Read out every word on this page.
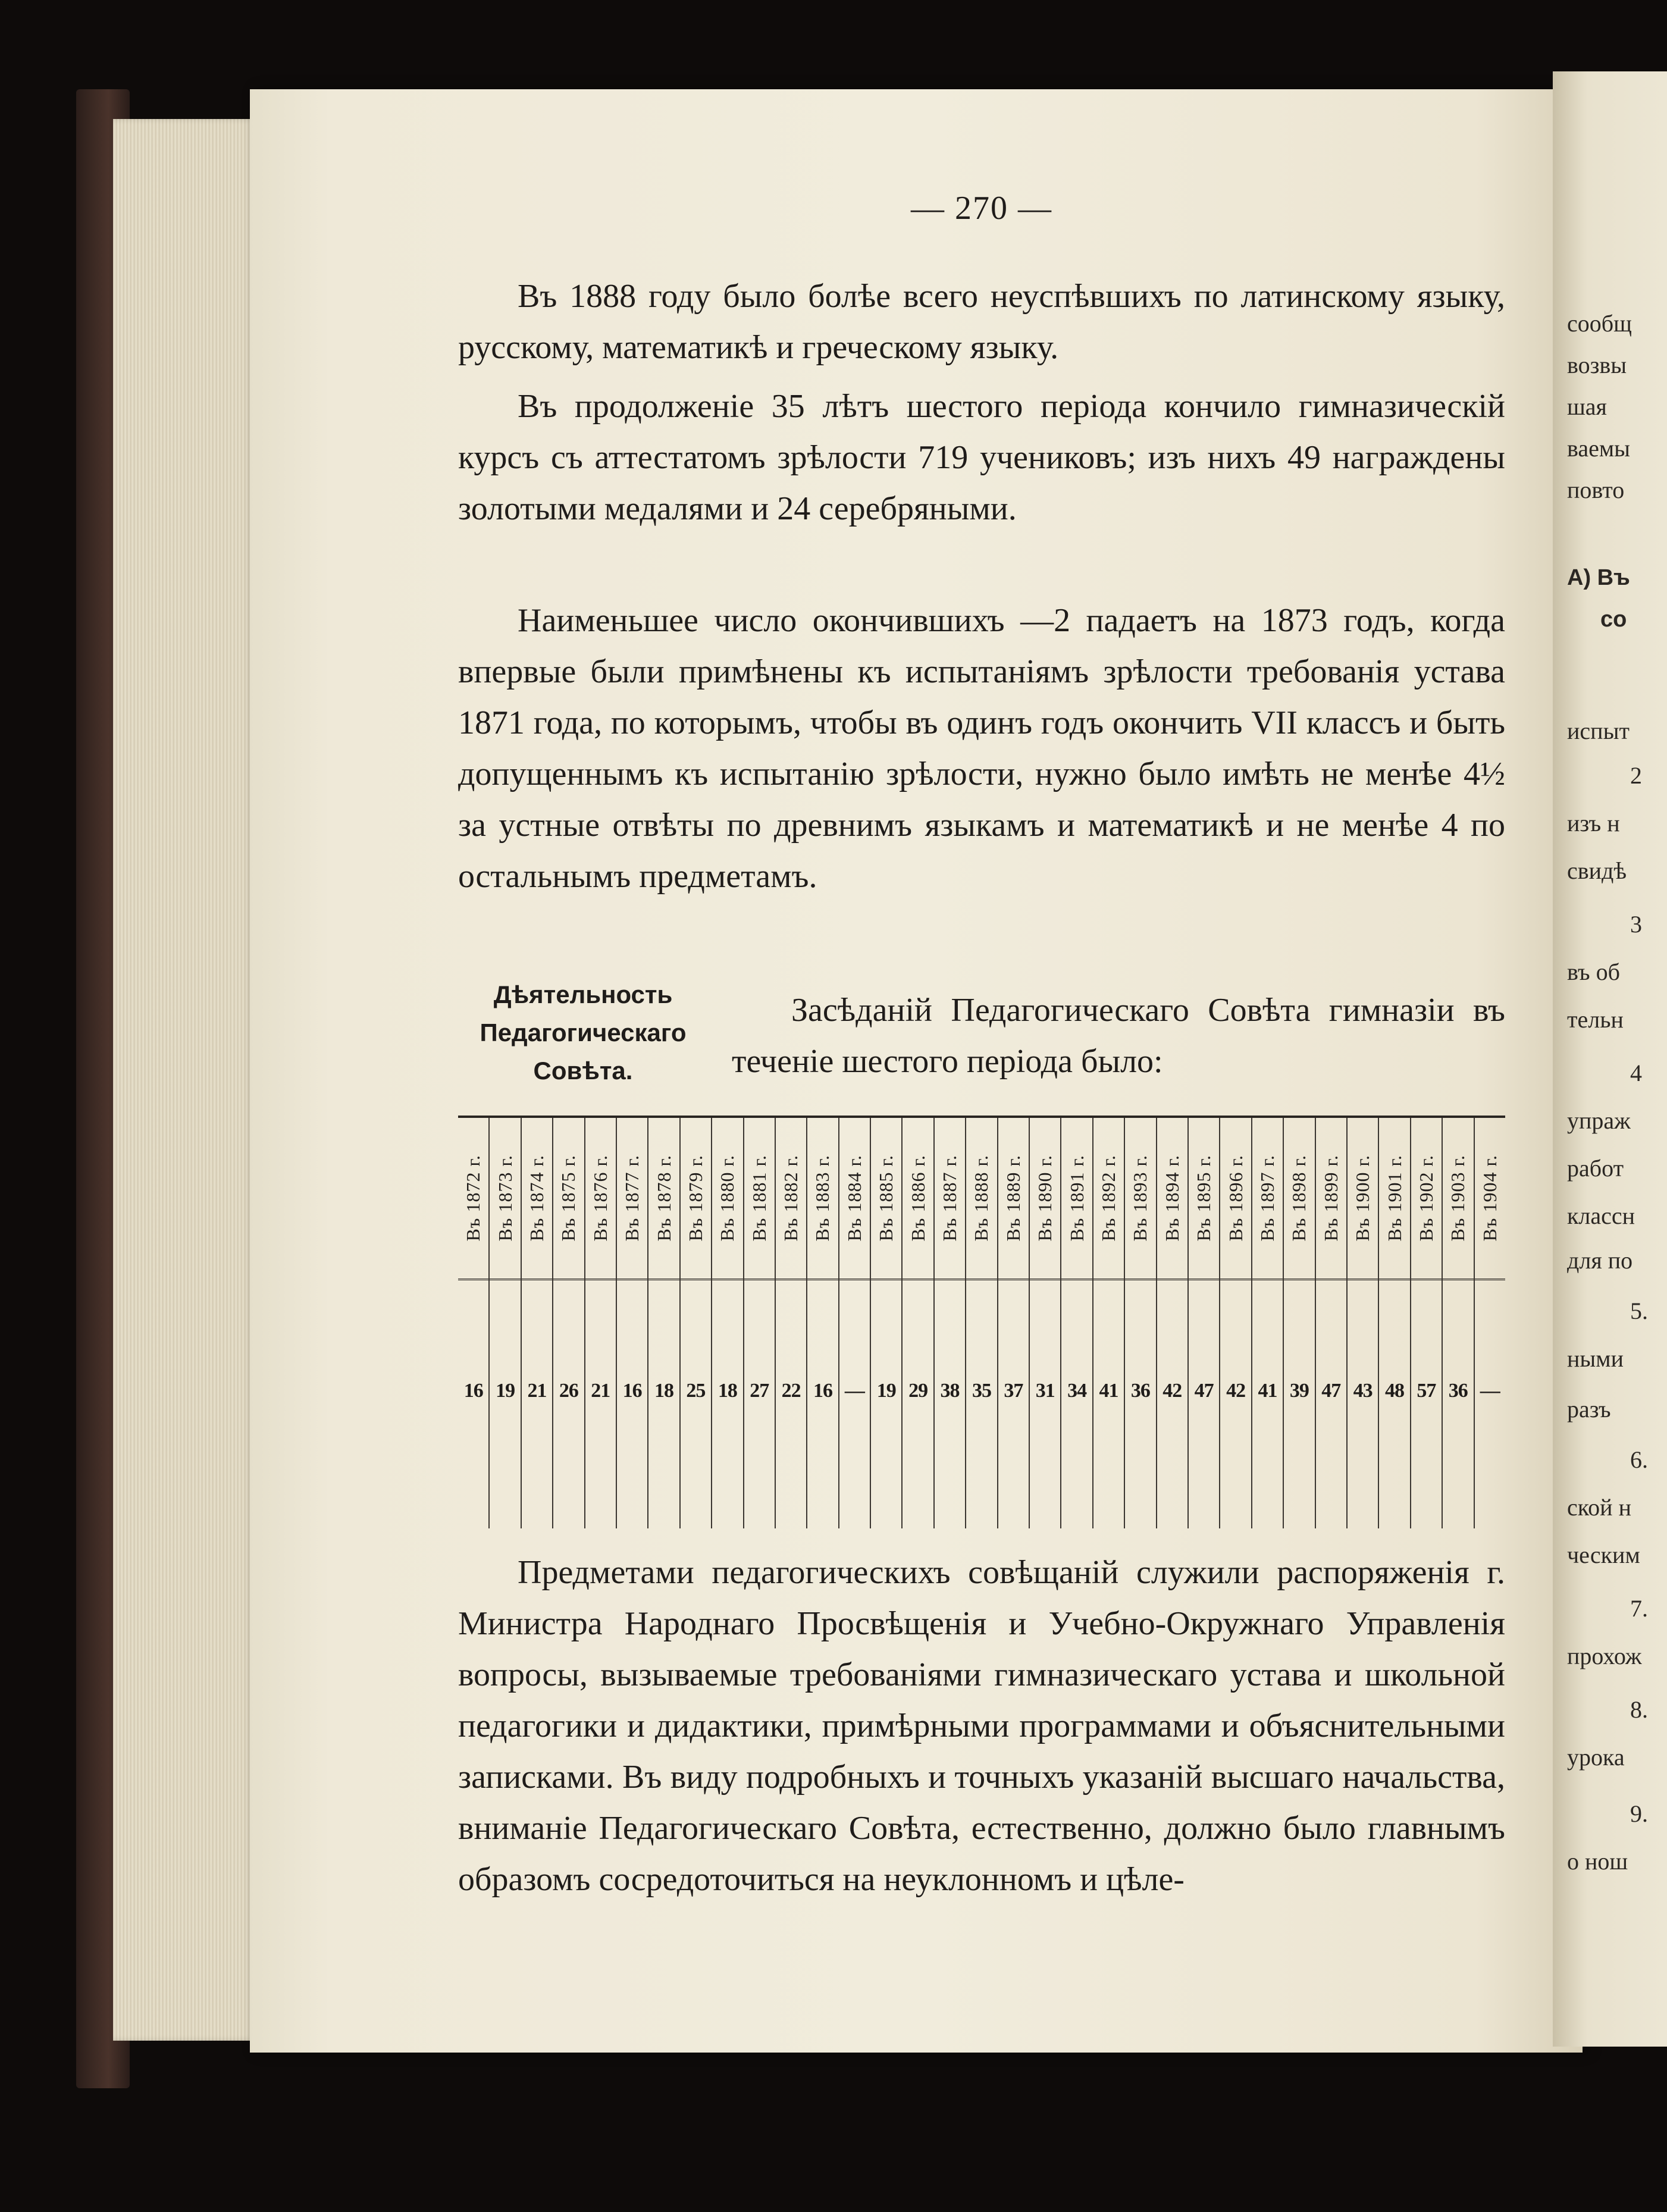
сообщ
возвы
шая
ваемы
повто
А) Въ
со
испыт
2
изъ н
свидѣ
3
въ об
тельн
4
упраж
работ
классн
для по
5.
ными
разъ
6.
ской н
ческим
7.
прохож
8.
урока
9.
о нош
— 270 —
Въ 1888 году было болѣе всего неуспѣвшихъ по латинскому языку, русскому, математикѣ и греческому языку.
Въ продолженіе 35 лѣтъ шестого періода кончило гимназическій курсъ съ аттестатомъ зрѣлости 719 учениковъ; изъ нихъ 49 награждены золотыми медалями и 24 серебряными.
Наименьшее число окончившихъ —2 падаетъ на 1873 годъ, когда впервые были примѣнены къ испытаніямъ зрѣлости требованія устава 1871 года, по которымъ, чтобы въ одинъ годъ окончить VII классъ и быть допущеннымъ къ испытанію зрѣлости, нужно было имѣть не менѣе 4½ за устные отвѣты по древнимъ языкамъ и математикѣ и не менѣе 4 по остальнымъ предметамъ.
Дѣятельность Педагогическаго Совѣта.
Засѣданій Педагогическаго Совѣта гимназіи въ теченіе шестого періода было:
Въ 1872 г.
16
Въ 1873 г.
19
Въ 1874 г.
21
Въ 1875 г.
26
Въ 1876 г.
21
Въ 1877 г.
16
Въ 1878 г.
18
Въ 1879 г.
25
Въ 1880 г.
18
Въ 1881 г.
27
Въ 1882 г.
22
Въ 1883 г.
16
Въ 1884 г.
—
Въ 1885 г.
19
Въ 1886 г.
29
Въ 1887 г.
38
Въ 1888 г.
35
Въ 1889 г.
37
Въ 1890 г.
31
Въ 1891 г.
34
Въ 1892 г.
41
Въ 1893 г.
36
Въ 1894 г.
42
Въ 1895 г.
47
Въ 1896 г.
42
Въ 1897 г.
41
Въ 1898 г.
39
Въ 1899 г.
47
Въ 1900 г.
43
Въ 1901 г.
48
Въ 1902 г.
57
Въ 1903 г.
36
Въ 1904 г.
—
Предметами педагогическихъ совѣщаній служили распоряженія г. Министра Народнаго Просвѣщенія и Учебно-Окружнаго Управленія вопросы, вызываемые требованіями гимназическаго устава и школьной педагогики и дидактики, примѣрными программами и объяснительными записками. Въ виду подробныхъ и точныхъ указаній высшаго начальства, вниманіе Педагогическаго Совѣта, естественно, должно было главнымъ образомъ сосредоточиться на неуклонномъ и цѣле-
